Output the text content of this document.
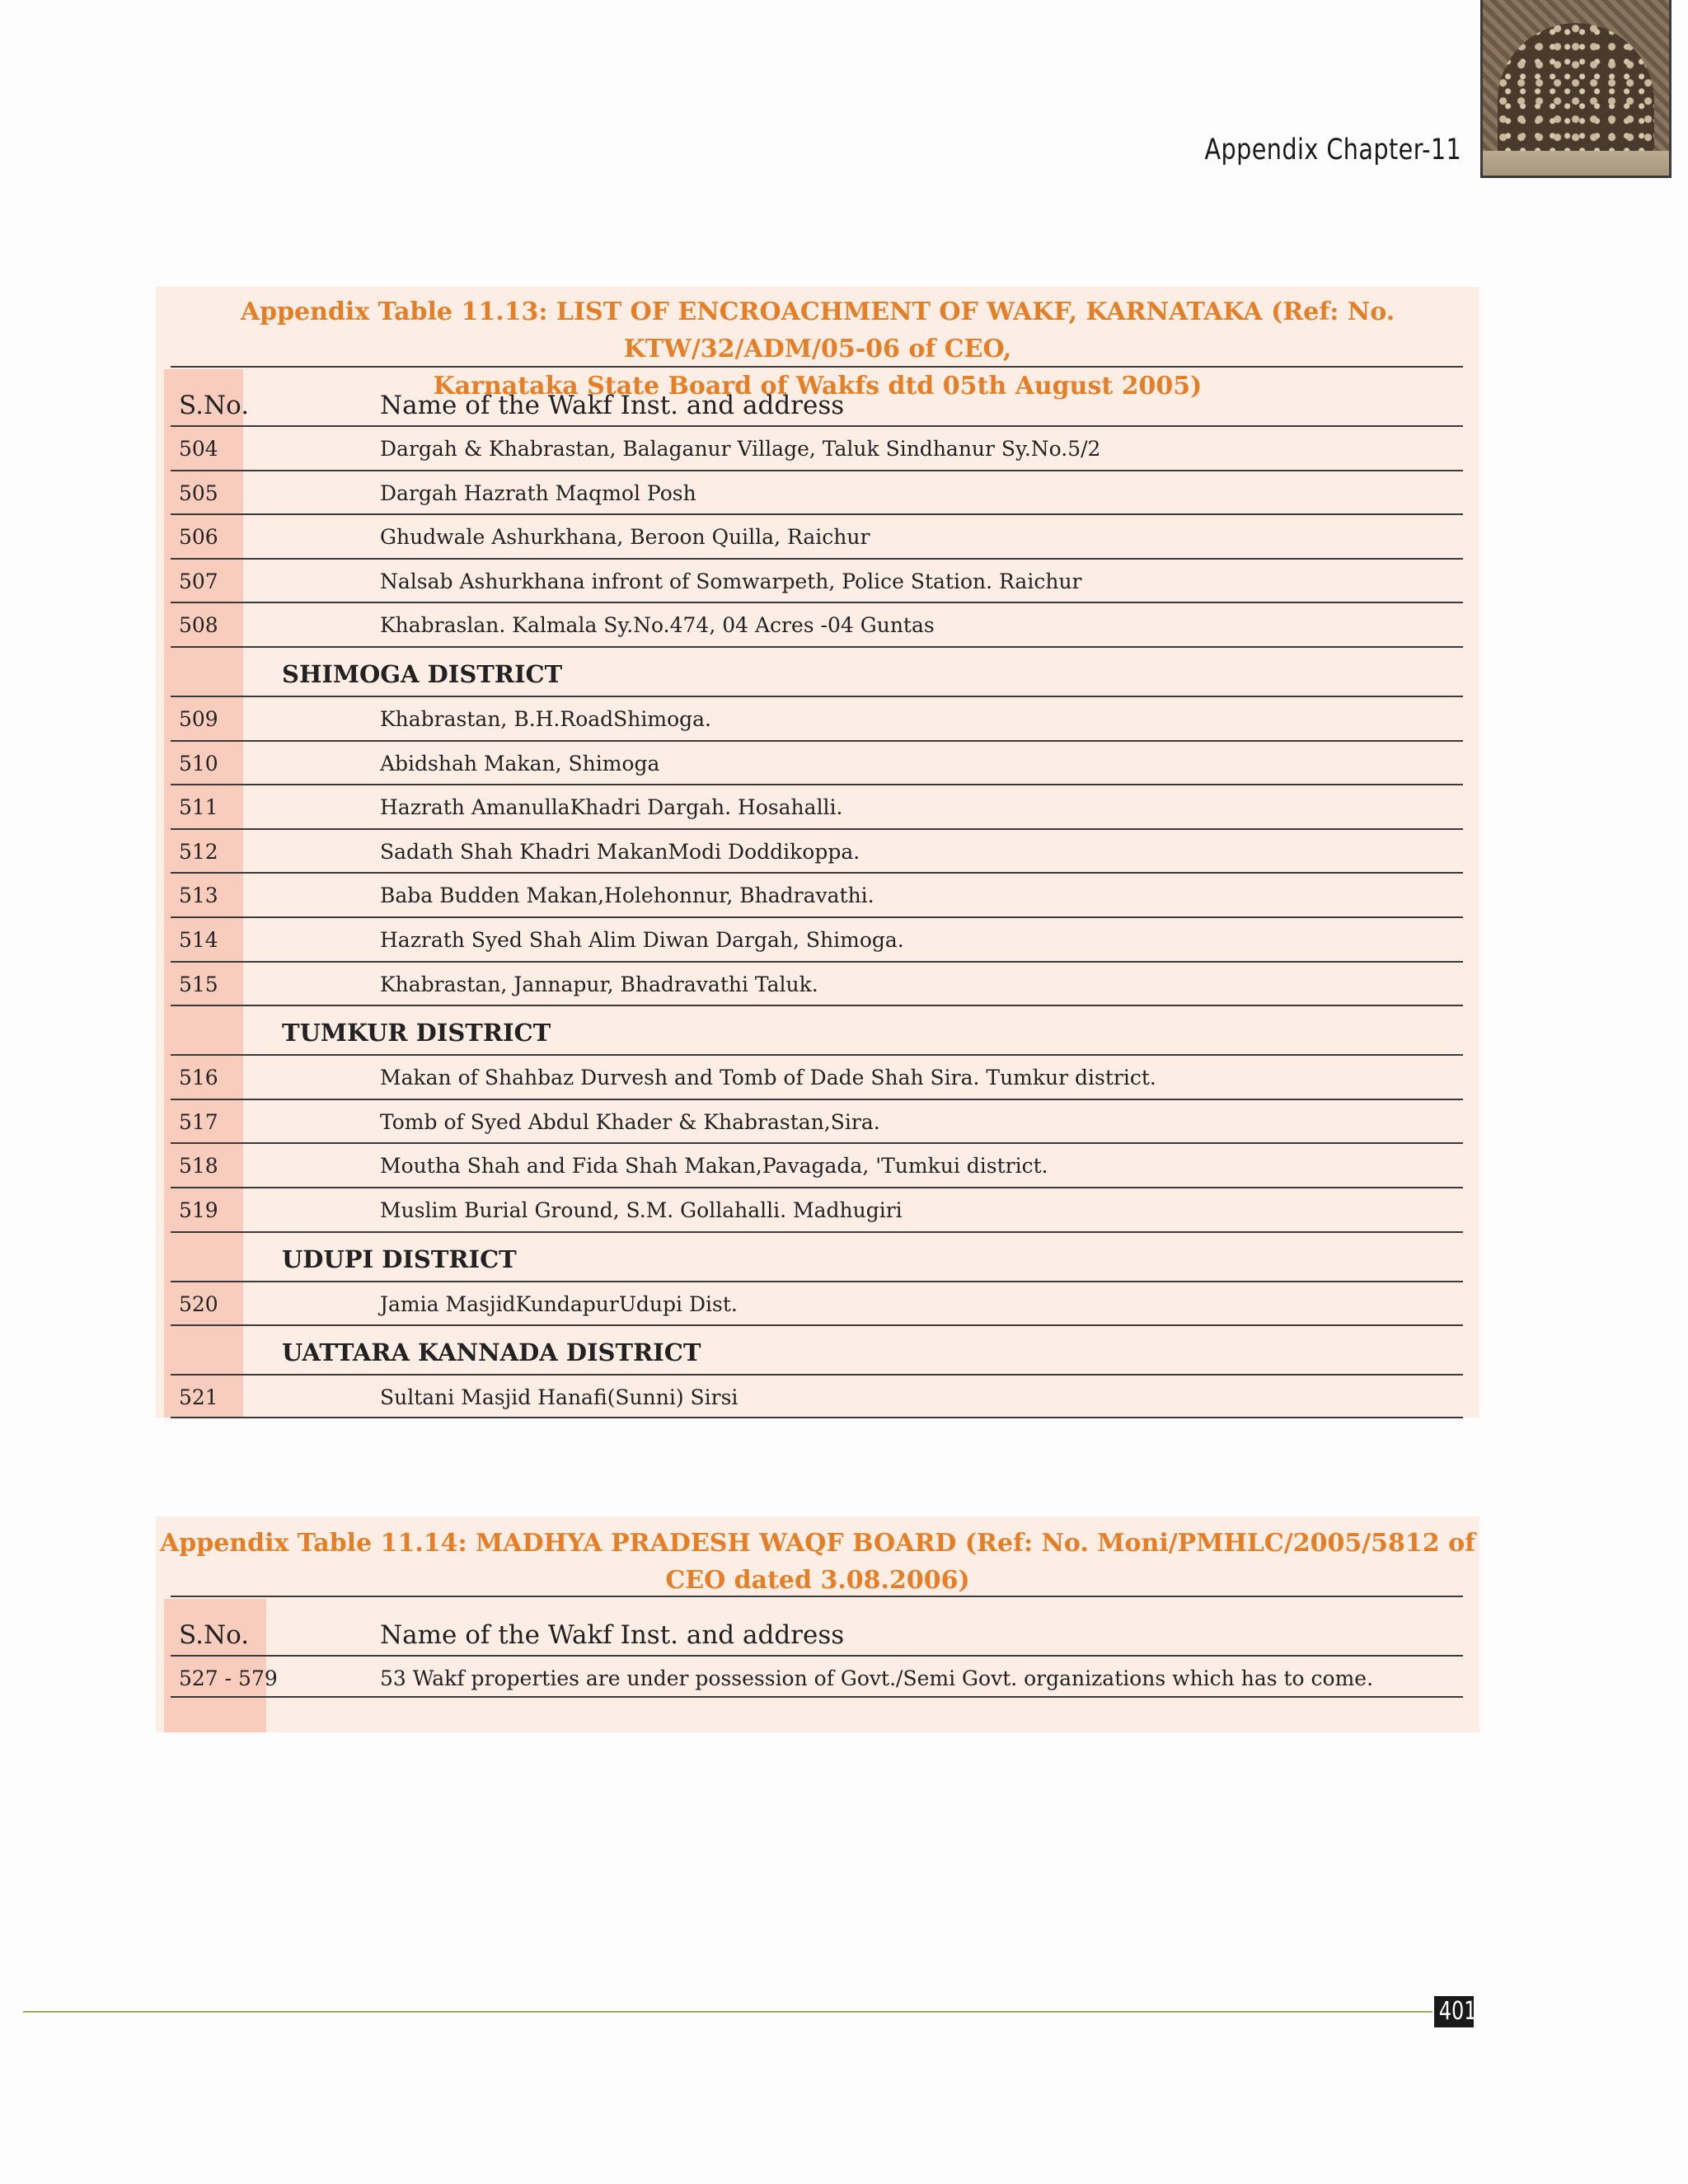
Appendix Chapter-11
Appendix Table 11.13: LIST OF ENCROACHMENT OF WAKF, KARNATAKA (Ref: No. KTW/32/ADM/05-06 of CEO,
Karnataka State Board of Wakfs dtd 05th August 2005)
S.No.	Name of the Wakf Inst. and address
504	Dargah & Khabrastan, Balaganur Village, Taluk Sindhanur Sy.No.5/2
505	Dargah Hazrath Maqmol Posh
506	Ghudwale Ashurkhana, Beroon Quilla, Raichur
507	Nalsab Ashurkhana infront of Somwarpeth, Police Station. Raichur
508	Khabraslan. Kalmala Sy.No.474, 04 Acres -04 Guntas
SHIMOGA DISTRICT
509	Khabrastan, B.H.RoadShimoga.
510	Abidshah Makan, Shimoga
511	Hazrath AmanullaKhadri Dargah. Hosahalli.
512	Sadath Shah Khadri MakanModi Doddikoppa.
513	Baba Budden Makan,Holehonnur, Bhadravathi.
514	Hazrath Syed Shah Alim Diwan Dargah, Shimoga.
515	Khabrastan, Jannapur, Bhadravathi Taluk.
TUMKUR DISTRICT
516	Makan of Shahbaz Durvesh and Tomb of Dade Shah Sira. Tumkur district.
517	Tomb of Syed Abdul Khader & Khabrastan,Sira.
518	Moutha Shah and Fida Shah Makan,Pavagada, 'Tumkui district.
519	Muslim Burial Ground, S.M. Gollahalli. Madhugiri
UDUPI DISTRICT
520	Jamia MasjidKundapurUdupi Dist.
UATTARA KANNADA DISTRICT
521	Sultani Masjid Hanafi(Sunni) Sirsi
Appendix Table 11.14: MADHYA PRADESH WAQF BOARD (Ref: No. Moni/PMHLC/2005/5812 of
CEO dated 3.08.2006)
S.No.	Name of the Wakf Inst. and address
527 - 579	53 Wakf properties are under possession of Govt./Semi Govt. organizations which has to come.
401
